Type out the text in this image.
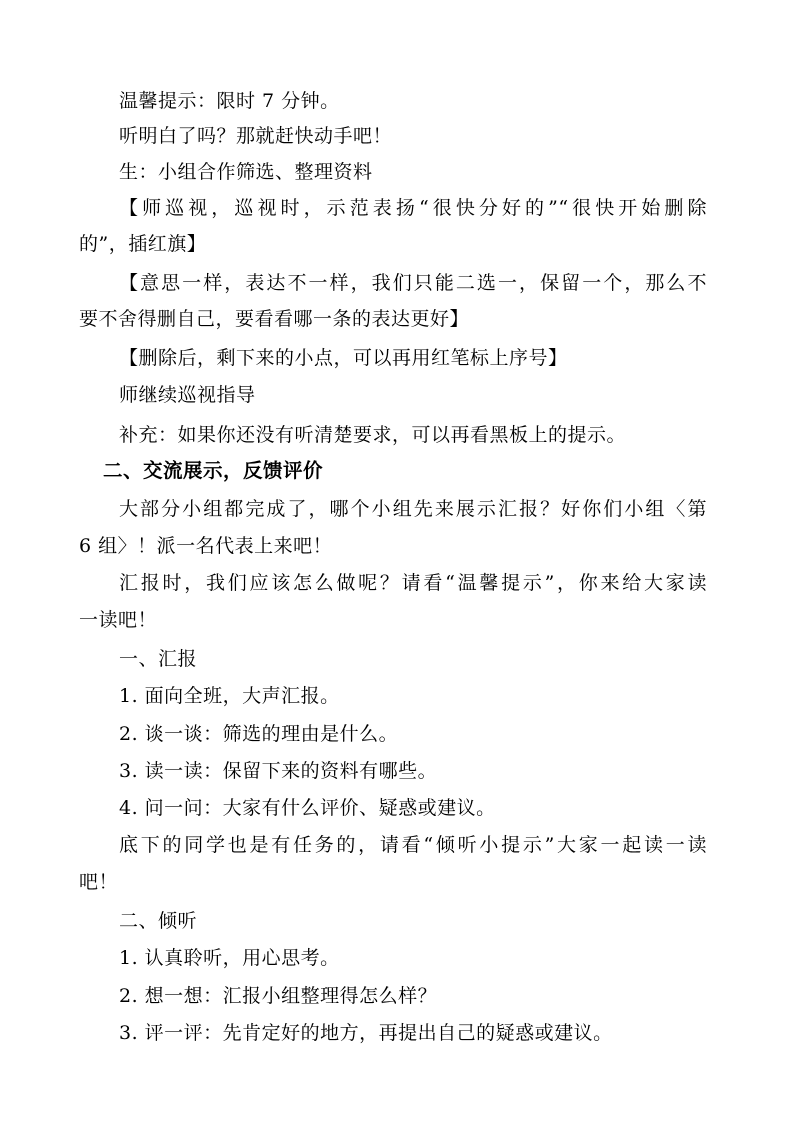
温馨提示：限时 7 分钟。
听明白了吗？那就赶快动手吧！
生：小组合作筛选、整理资料
【师巡视，巡视时，示范表扬“很快分好的”“很快开始删除
的”，插红旗】
【意思一样，表达不一样，我们只能二选一，保留一个，那么不
要不舍得删自己，要看看哪一条的表达更好】
【删除后，剩下来的小点，可以再用红笔标上序号】
师继续巡视指导
补充：如果你还没有听清楚要求，可以再看黑板上的提示。
二、交流展示，反馈评价
大部分小组都完成了，哪个小组先来展示汇报？好你们小组〈第
6 组〉！派一名代表上来吧！
汇报时，我们应该怎么做呢？请看“温馨提示”，你来给大家读
一读吧！
一、汇报
1. 面向全班，大声汇报。
2. 谈一谈：筛选的理由是什么。
3. 读一读：保留下来的资料有哪些。
4. 问一问：大家有什么评价、疑惑或建议。
底下的同学也是有任务的，请看“倾听小提示”大家一起读一读
吧！
二、倾听
1. 认真聆听，用心思考。
2. 想一想：汇报小组整理得怎么样？
3. 评一评：先肯定好的地方，再提出自己的疑惑或建议。
